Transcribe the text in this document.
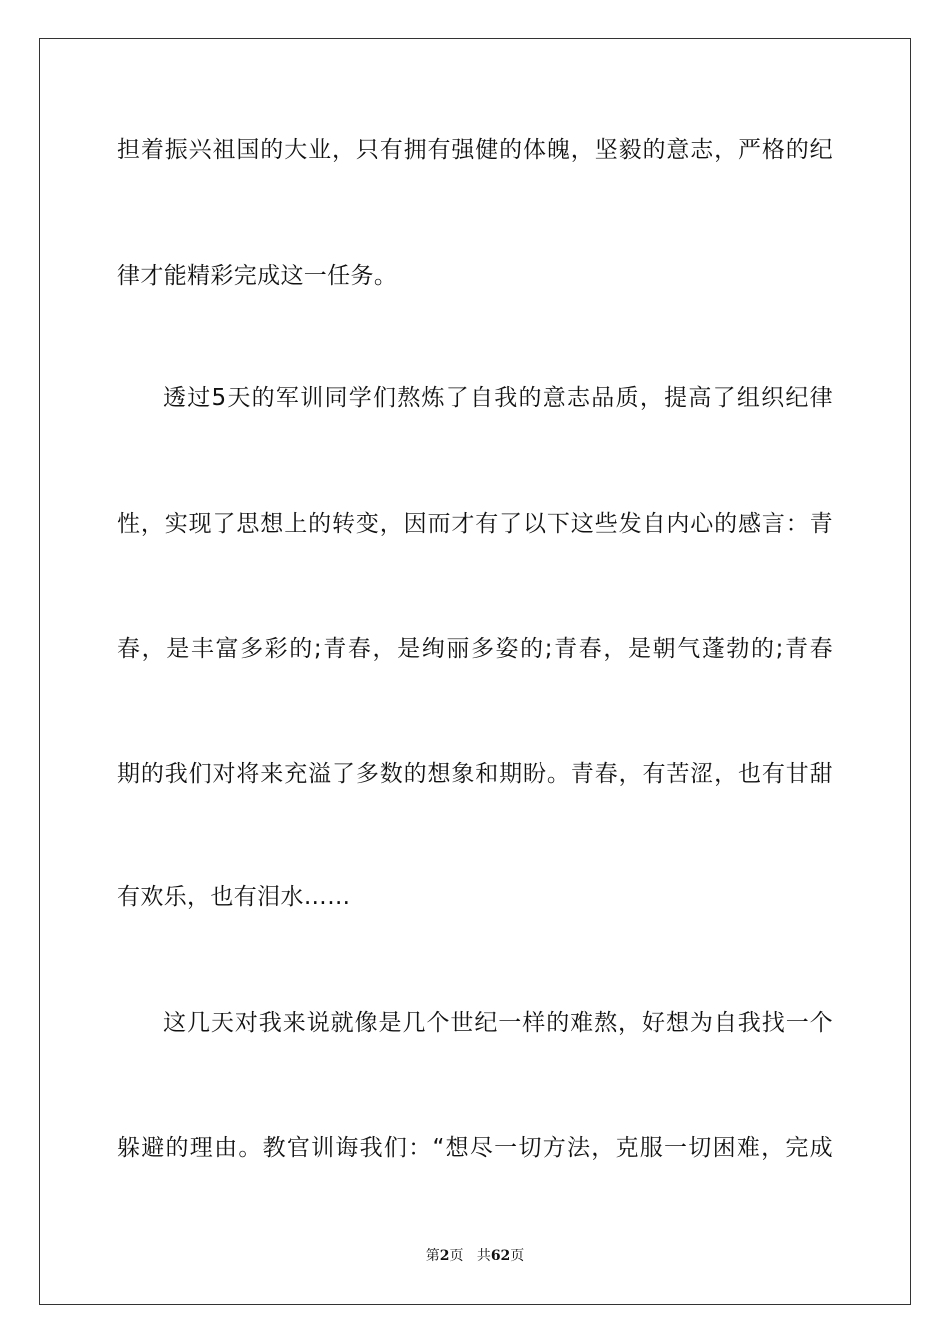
担着振兴祖国的大业，只有拥有强健的体魄，坚毅的意志，严格的纪
律才能精彩完成这一任务。
透过5天的军训同学们熬炼了自我的意志品质，提高了组织纪律
性，实现了思想上的转变，因而才有了以下这些发自内心的感言：青
春，是丰富多彩的;青春，是绚丽多姿的;青春，是朝气蓬勃的;青春
期的我们对将来充溢了多数的想象和期盼。青春，有苦涩，也有甘甜
有欢乐，也有泪水……
这几天对我来说就像是几个世纪一样的难熬，好想为自我找一个
躲避的理由。教官训诲我们：“想尽一切方法，克服一切困难，完成
第2页 共62页
